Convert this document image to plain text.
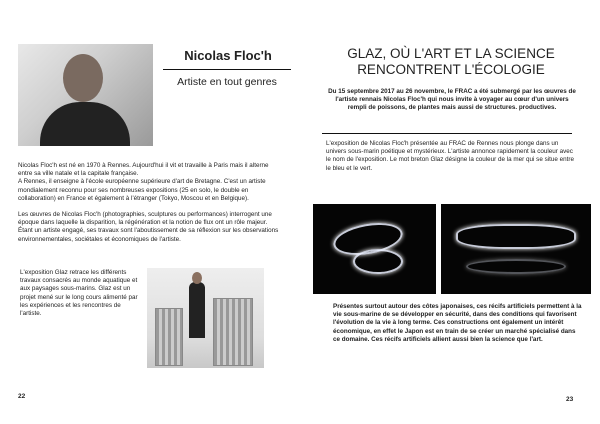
Nicolas Floc'h
Artiste en tout genres
Nicolas Floc'h est né en 1970 à Rennes. Aujourd'hui il vit et travaille à Paris mais il alterne entre sa ville natale et la capitale française.
A Rennes, il enseigne à l'école européenne supérieure d'art de Bretagne. C'est un artiste mondialement reconnu pour ses nombreuses expositions (25 en solo, le double en collaboration) en France et également à l'étranger (Tokyo, Moscou et en Belgique).
Les œuvres de Nicolas Floc'h (photographies, sculptures ou performances) interrogent une époque dans laquelle la disparition, la régénération et la notion de flux ont un rôle majeur. Étant un artiste engagé, ses travaux sont l'aboutissement de sa réflexion sur les observations environnementales, sociétales et économiques de l'artiste.
L'exposition Glaz retrace les différents travaux consacrés au monde aquatique et aux paysages sous-marins. Glaz est un projet mené sur le long cours alimenté par les expériences et les rencontres de l'artiste.
22
GLAZ, OÙ L'ART ET LA SCIENCE
RENCONTRENT L'ÉCOLOGIE
Du 15 septembre 2017 au 26 novembre, le FRAC a été submergé par les œuvres de l'artiste rennais Nicolas Floc'h qui nous invite à voyager au cœur d'un univers rempli de poissons, de plantes mais aussi de structures. productives.
L'exposition de Nicolas Floc'h présentée au FRAC de Rennes nous plonge dans un univers sous-marin poétique et mystérieux. L'artiste annonce rapidement la couleur avec le nom de l'exposition. Le mot breton Glaz désigne la couleur de la mer qui se situe entre le bleu et le vert.
Présentes surtout autour des côtes japonaises, ces récifs artificiels permettent à la vie sous-marine de se développer en sécurité, dans des conditions qui favorisent l'évolution de la vie à long terme. Ces constructions ont également un intérêt économique, en effet le Japon est en train de se créer un marché spécialisé dans ce domaine. Ces récifs artificiels allient aussi bien la science que l'art.
23
